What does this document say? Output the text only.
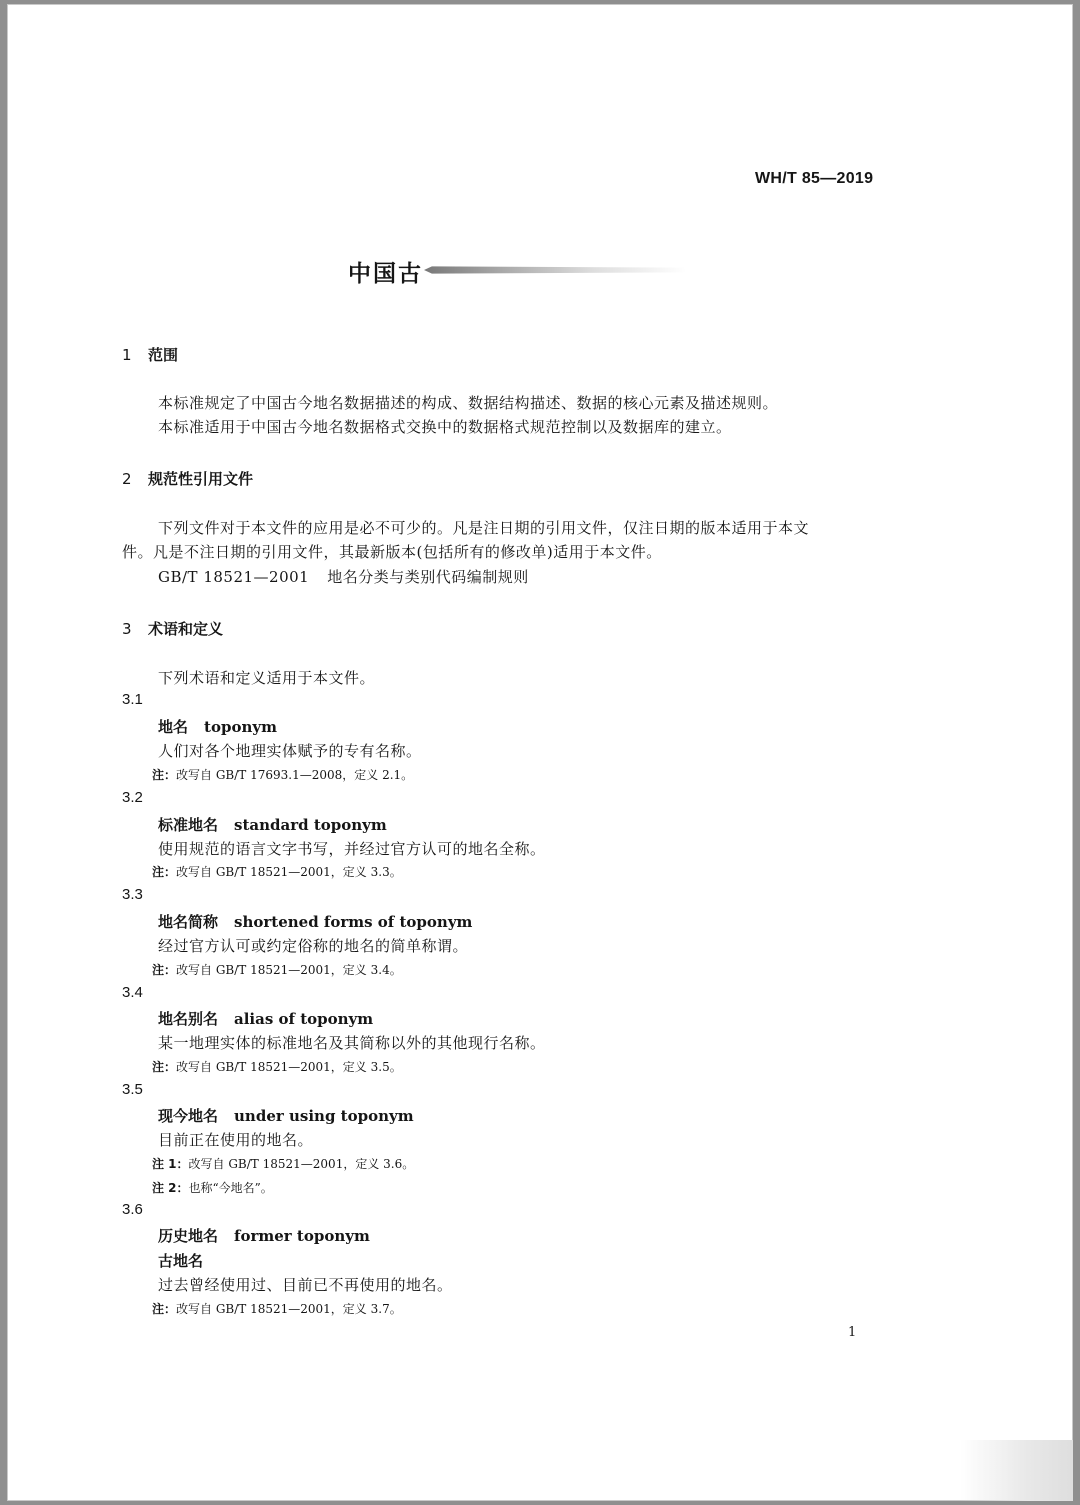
WH/T 85—2019
中国古
1 范围
本标准规定了中国古今地名数据描述的构成、数据结构描述、数据的核心元素及描述规则。
本标准适用于中国古今地名数据格式交换中的数据格式规范控制以及数据库的建立。
2 规范性引用文件
下列文件对于本文件的应用是必不可少的。凡是注日期的引用文件，仅注日期的版本适用于本文
件。凡是不注日期的引用文件，其最新版本(包括所有的修改单)适用于本文件。
GB/T 18521—2001 地名分类与类别代码编制规则
3 术语和定义
下列术语和定义适用于本文件。
3.1
地名 toponym
人们对各个地理实体赋予的专有名称。
注：改写自 GB/T 17693.1—2008，定义 2.1。
3.2
标准地名 standard toponym
使用规范的语言文字书写，并经过官方认可的地名全称。
注：改写自 GB/T 18521—2001，定义 3.3。
3.3
地名简称 shortened forms of toponym
经过官方认可或约定俗称的地名的简单称谓。
注：改写自 GB/T 18521—2001，定义 3.4。
3.4
地名别名 alias of toponym
某一地理实体的标准地名及其简称以外的其他现行名称。
注：改写自 GB/T 18521—2001，定义 3.5。
3.5
现今地名 under using toponym
目前正在使用的地名。
注 1：改写自 GB/T 18521—2001，定义 3.6。
注 2：也称“今地名”。
3.6
历史地名 former toponym
古地名
过去曾经使用过、目前已不再使用的地名。
注：改写自 GB/T 18521—2001，定义 3.7。
1
